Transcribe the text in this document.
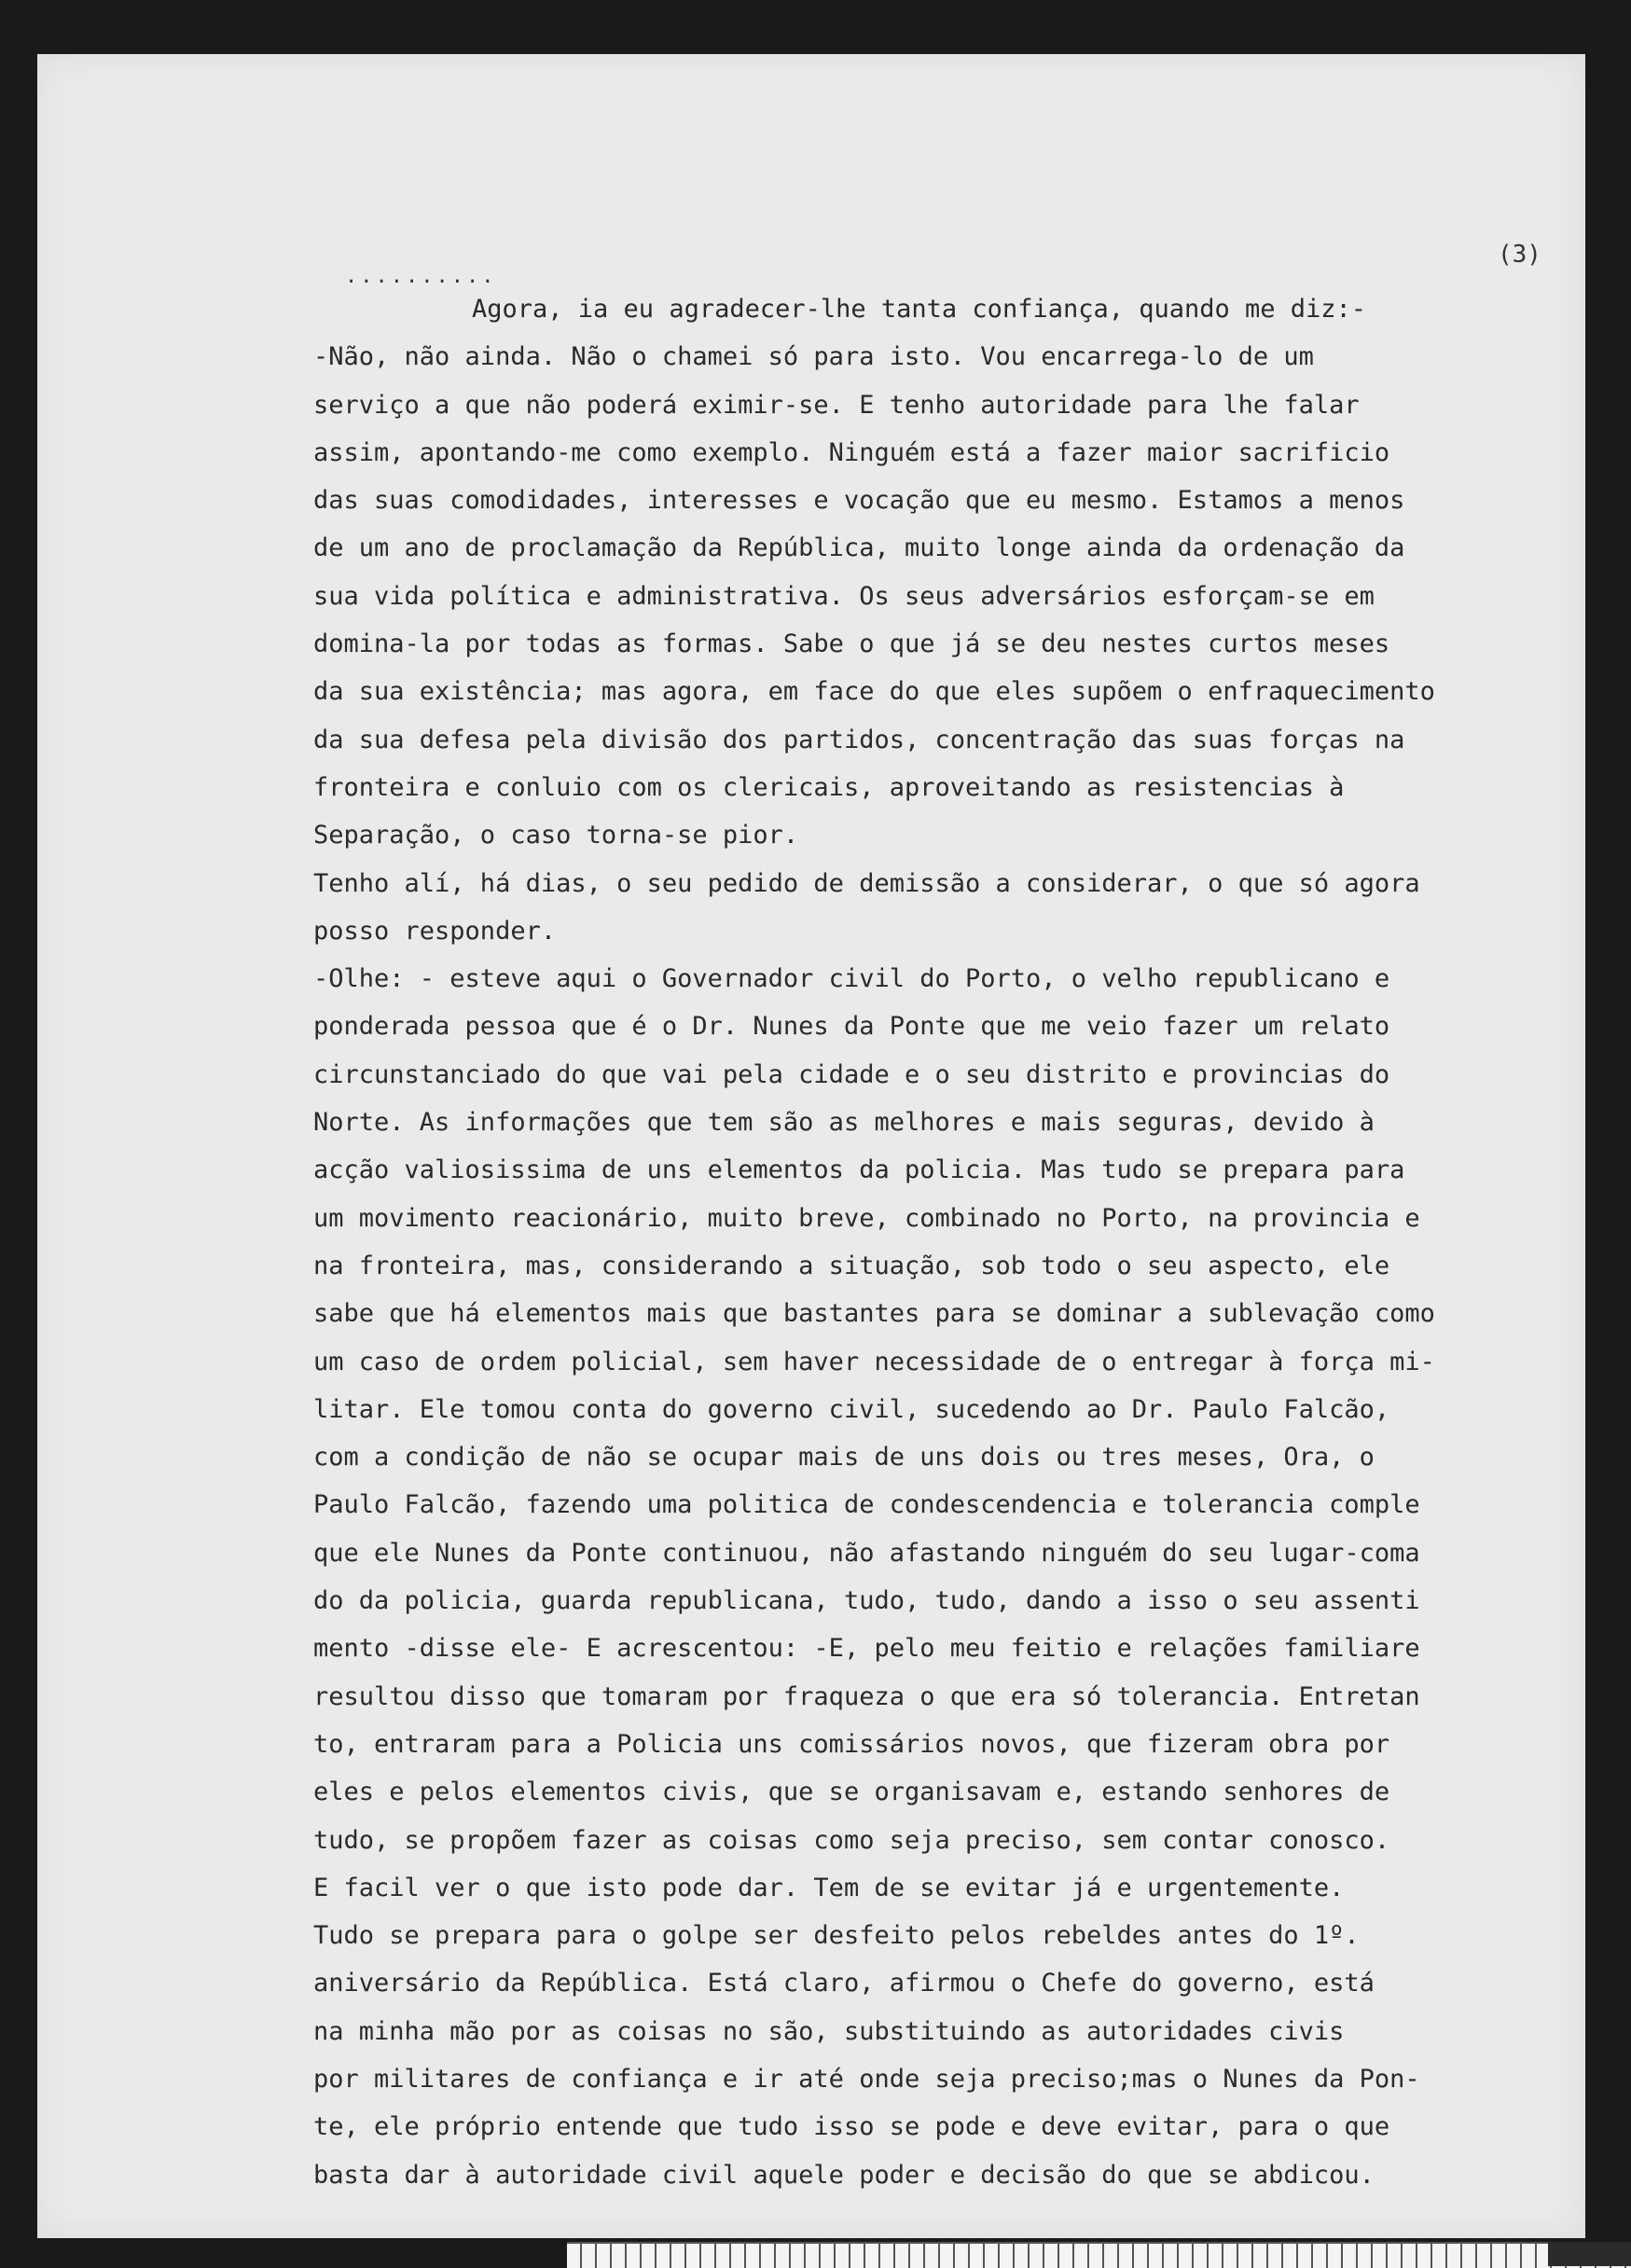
..........
(3)
Agora, ia eu agradecer-lhe tanta confiança, quando me diz:-
-Não, não ainda. Não o chamei só para isto. Vou encarrega-lo de um
serviço a que não poderá eximir-se. E tenho autoridade para lhe falar
assim, apontando-me como exemplo. Ninguém está a fazer maior sacrificio
das suas comodidades, interesses e vocação que eu mesmo. Estamos a menos
de um ano de proclamação da República, muito longe ainda da ordenação da
sua vida política e administrativa. Os seus adversários esforçam-se em
domina-la por todas as formas. Sabe o que já se deu nestes curtos meses
da sua existência; mas agora, em face do que eles supõem o enfraquecimento
da sua defesa pela divisão dos partidos, concentração das suas forças na
fronteira e conluio com os clericais, aproveitando as resistencias à
Separação, o caso torna-se pior.
Tenho alí, há dias, o seu pedido de demissão a considerar, o que só agora
posso responder.
-Olhe: - esteve aqui o Governador civil do Porto, o velho republicano e
ponderada pessoa que é o Dr. Nunes da Ponte que me veio fazer um relato
circunstanciado do que vai pela cidade e o seu distrito e provincias do
Norte. As informações que tem são as melhores e mais seguras, devido à
acção valiosissima de uns elementos da policia. Mas tudo se prepara para
um movimento reacionário, muito breve, combinado no Porto, na provincia e
na fronteira, mas, considerando a situação, sob todo o seu aspecto, ele
sabe que há elementos mais que bastantes para se dominar a sublevação como
um caso de ordem policial, sem haver necessidade de o entregar à força mi-
litar. Ele tomou conta do governo civil, sucedendo ao Dr. Paulo Falcão,
com a condição de não se ocupar mais de uns dois ou tres meses, Ora, o
Paulo Falcão, fazendo uma politica de condescendencia e tolerancia comple
que ele Nunes da Ponte continuou, não afastando ninguém do seu lugar-coma
do da policia, guarda republicana, tudo, tudo, dando a isso o seu assenti
mento -disse ele- E acrescentou: -E, pelo meu feitio e relações familiare
resultou disso que tomaram por fraqueza o que era só tolerancia. Entretan
to, entraram para a Policia uns comissários novos, que fizeram obra por
eles e pelos elementos civis, que se organisavam e, estando senhores de
tudo, se propõem fazer as coisas como seja preciso, sem contar conosco.
E facil ver o que isto pode dar. Tem de se evitar já e urgentemente.
Tudo se prepara para o golpe ser desfeito pelos rebeldes antes do 1º.
aniversário da República. Está claro, afirmou o Chefe do governo, está
na minha mão por as coisas no são, substituindo as autoridades civis
por militares de confiança e ir até onde seja preciso;mas o Nunes da Pon-
te, ele próprio entende que tudo isso se pode e deve evitar, para o que
basta dar à autoridade civil aquele poder e decisão do que se abdicou.
